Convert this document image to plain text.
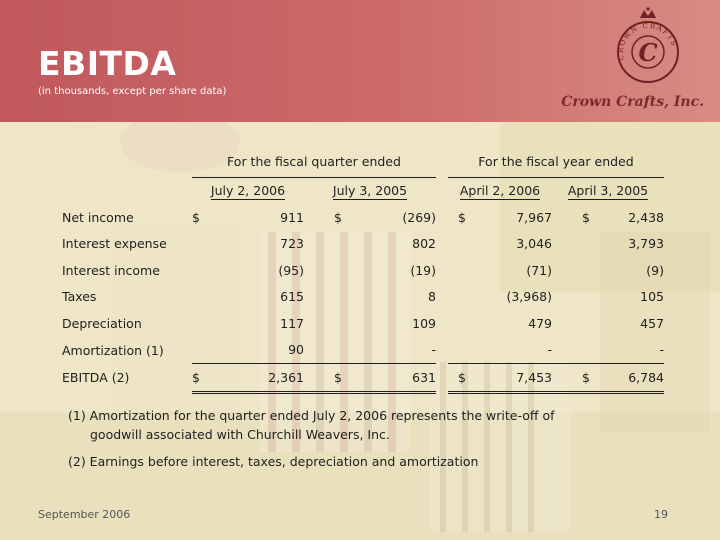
EBITDA
(in thousands, except per share data)
CROWN CRAFTS
C
Crown Crafts, Inc.
	For the fiscal quarter ended					For the fiscal year ended			
	July 2, 2006		July 3, 2005			April 2, 2006		April 3, 2005	
Net income	$	911	$	(269)		$	7,967	$	2,438
Interest expense		723		802			3,046		3,793
Interest income		(95)		(19)			(71)		(9)
Taxes		615		8			(3,968)		105
Depreciation		117		109			479		457
Amortization (1)		90		-			-		-
EBITDA (2)	$	2,361	$	631		$	7,453	$	6,784
(1) Amortization for the quarter ended July 2, 2006 represents the write-off of
goodwill associated with Churchill Weavers, Inc.
(2) Earnings before interest, taxes, depreciation and amortization
September 2006	19
